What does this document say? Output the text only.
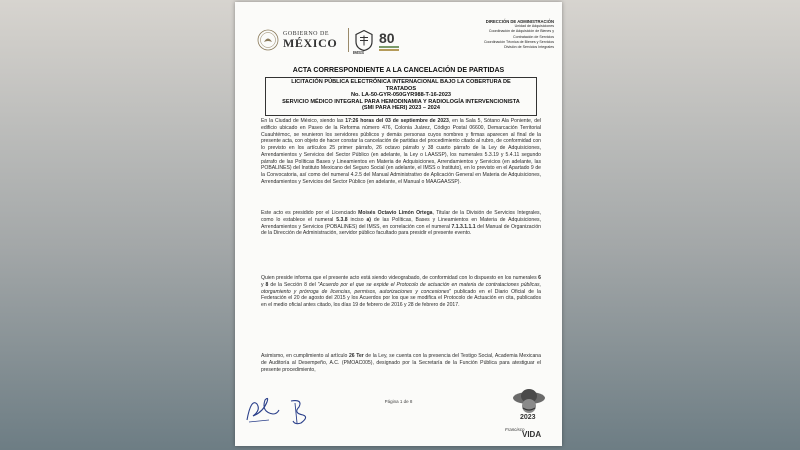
GOBIERNO DE
MÉXICO
IMSS
80
DIRECCIÓN DE ADMINISTRACIÓN
Unidad de Adquisiciones
Coordinación de Adquisición de Bienes y
Contratación de Servicios
Coordinación Técnica de Bienes y Servicios
División de Servicios Integrales
ACTA CORRESPONDIENTE A LA CANCELACIÓN DE PARTIDAS
LICITACIÓN PÚBLICA ELECTRÓNICA INTERNACIONAL BAJO LA COBERTURA DE
TRATADOS
No. LA-50-GYR-050GYR988-T-16-2023
SERVICIO MÉDICO INTEGRAL PARA HEMODINAMIA Y RADIOLOGÍA INTERVENCIONISTA
(SMI PARA HERI) 2023 – 2024

En la Ciudad de México, siendo las 17:26 horas del 03 de septiembre de 2023, en la Sala 5, Sótano Ala Poniente, del edificio ubicado en Paseo de la Reforma número 476, Colonia Juárez, Código Postal 06600, Demarcación Territorial Cuauhtémoc, se reunieron los servidores públicos y demás personas cuyos nombres y firmas aparecen al final de la presente acta, con objeto de hacer constar la cancelación de partidas del procedimiento citado al rubro, de conformidad con lo previsto en los artículos 25 primer párrafo, 26 octavo párrafo y 38 cuarto párrafo de la Ley de Adquisiciones, Arrendamientos y Servicios del Sector Público (en adelante, la Ley o LAASSP), los numerales 5.3.19 y 5.4.11 segundo párrafo de las Políticas Bases y Lineamientos en Materia de Adquisiciones, Arrendamientos y Servicios (en adelante, las POBALINES) del Instituto Mexicano del Seguro Social (en adelante, el IMSS o Instituto), en lo previsto en el Apartado 9 de la Convocatoria, así como del numeral 4.2.5 del Manual Administrativo de Aplicación General en Materia de Adquisiciones, Arrendamientos y Servicios del Sector Público (en adelante, el Manual o MAAGAASSP).

Este acto es presidido por el Licenciado Moisés Octavio Limón Ortega, Titular de la División de Servicios Integrales, como lo establece el numeral 5.3.8 inciso a) de las Políticas, Bases y Lineamientos en Materia de Adquisiciones, Arrendamientos y Servicios (POBALINES) del IMSS, en correlación con el numeral 7.1.3.1.1.1 del Manual de Organización de la Dirección de Administración, servidor público facultado para presidir el presente evento.

Quien preside informa que el presente acto está siendo videograbado, de conformidad con lo dispuesto en los numerales 6 y 8 de la Sección 8 del "Acuerdo por el que se expide el Protocolo de actuación en materia de contrataciones públicas, otorgamiento y prórroga de licencias, permisos, autorizaciones y concesiones" publicado en el Diario Oficial de la Federación el 20 de agosto del 2015 y los Acuerdos por los que se modifica el Protocolo de Actuación en cita, publicados en el medio oficial antes citado, los días 19 de febrero de 2016 y 28 de febrero de 2017.

Asimismo, en cumplimiento al artículo 26 Ter de la Ley, se cuenta con la presencia del Testigo Social, Academia Mexicana de Auditoría al Desempeño, A.C. (PMOAC005), designado por la Secretaría de la Función Pública para atestiguar el presente procedimiento,

Página 1 de 8
2023
Francisco
VIDA
